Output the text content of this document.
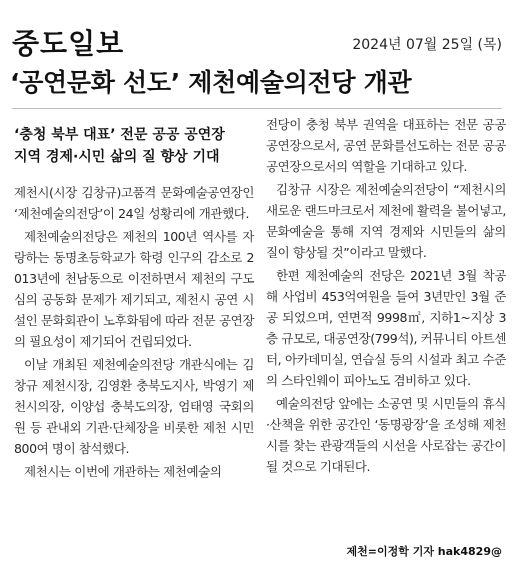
중도일보	2024년 07월 25일 (목)
‘공연문화 선도’ 제천예술의전당 개관
‘충청 북부 대표’ 전문 공공 공연장
지역 경제·시민 삶의 질 향상 기대

제천시(시장 김창규)고품격 문화예술공연장인 ‘제천예술의전당’이 24일 성황리에 개관했다.

제천예술의전당은 제천의 100년 역사를 자랑하는 동명초등학교가 학령 인구의 감소로 2013년에 천남동으로 이전하면서 제천의 구도심의 공동화 문제가 제기되고, 제천시 공연 시설인 문화회관이 노후화됨에 따라 전문 공연장의 필요성이 제기되어 건립되었다.

이날 개최된 제천예술의전당 개관식에는 김창규 제천시장, 김영환 충북도지사, 박영기 제천시의장, 이양섭 충북도의장, 엄태영 국회의원 등 관내외 기관·단체장을 비롯한 제천 시민 800여 명이 참석했다.

제천시는 이번에 개관하는 제천예술의

전당이 충청 북부 권역을 대표하는 전문 공공 공연장으로서, 공연 문화를선도하는 전문 공공 공연장으로서의 역할을 기대하고 있다.

김창규 시장은 제천예술의전당이 “제천시의 새로운 랜드마크로서 제천에 활력을 불어넣고, 문화예술을 통해 지역 경제와 시민들의 삶의 질이 향상될 것”이라고 말했다.

한편 제천예술의 전당은 2021년 3월 착공해 사업비 453억여원을 들여 3년만인 3월 준공 되었으며, 연면적 9998㎡, 지하1~지상 3층 규모로, 대공연장(799석), 커뮤니티 아트센터, 아카데미실, 연습실 등의 시설과 최고 수준의 스타인웨이 피아노도 겸비하고 있다.

예술의전당 앞에는 소공연 및 시민들의 휴식·산책을 위한 공간인 ‘동명광장’을 조성해 제천시를 찾는 관광객들의 시선을 사로잡는 공간이 될 것으로 기대된다.

제천=이정학 기자 hak4829@
